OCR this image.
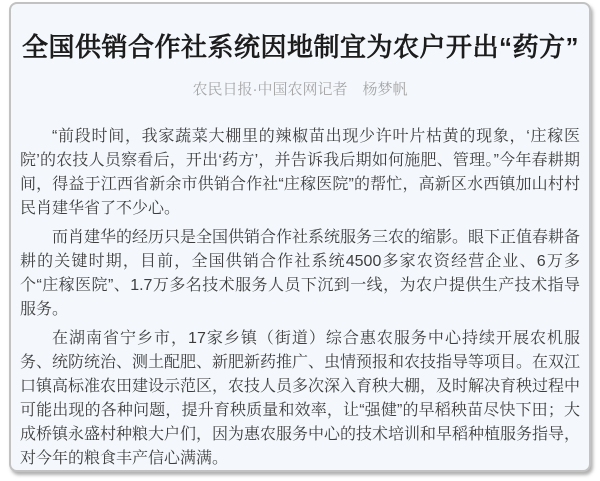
全国供销合作社系统因地制宜为农户开出“药方”
农民日报·中国农网记者　杨梦帆

“前段时间，我家蔬菜大棚里的辣椒苗出现少许叶片枯黄的现象，‘庄稼医院’的农技人员察看后，开出‘药方’，并告诉我后期如何施肥、管理。”今年春耕期间，得益于江西省新余市供销合作社“庄稼医院”的帮忙，高新区水西镇加山村村民肖建华省了不少心。

而肖建华的经历只是全国供销合作社系统服务三农的缩影。眼下正值春耕备耕的关键时期，目前，全国供销合作社系统4500多家农资经营企业、6万多个“庄稼医院”、1.7万多名技术服务人员下沉到一线，为农户提供生产技术指导服务。

在湖南省宁乡市，17家乡镇（街道）综合惠农服务中心持续开展农机服务、统防统治、测土配肥、新肥新药推广、虫情预报和农技指导等项目。在双江口镇高标准农田建设示范区，农技人员多次深入育秧大棚，及时解决育秧过程中可能出现的各种问题，提升育秧质量和效率，让“强健”的早稻秧苗尽快下田；大成桥镇永盛村种粮大户们，因为惠农服务中心的技术培训和早稻种植服务指导，对今年的粮食丰产信心满满。
